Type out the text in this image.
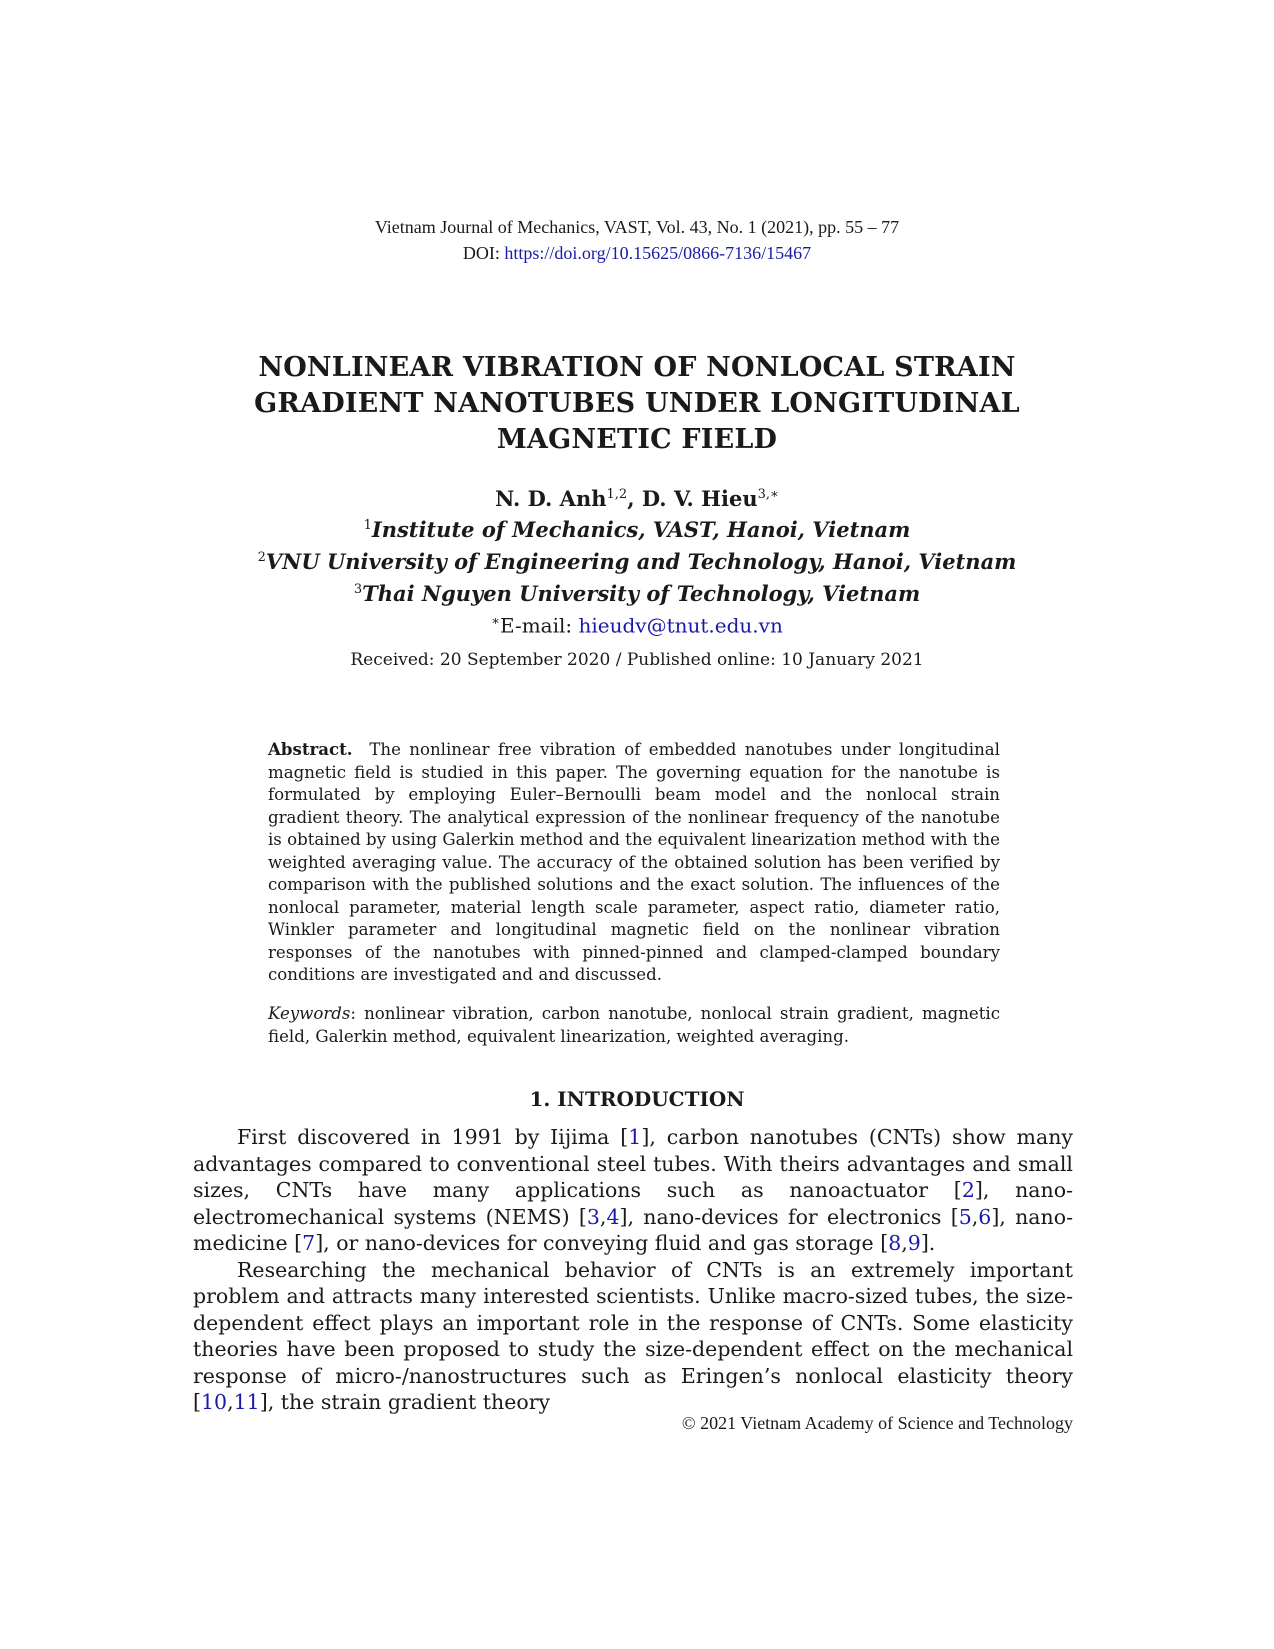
Vietnam Journal of Mechanics, VAST, Vol. 43, No. 1 (2021), pp. 55 – 77
DOI: https://doi.org/10.15625/0866-7136/15467
NONLINEAR VIBRATION OF NONLOCAL STRAIN
GRADIENT NANOTUBES UNDER LONGITUDINAL
MAGNETIC FIELD
N. D. Anh$^{1,2}$, D. V. Hieu$^{3,∗}$
$^1$Institute of Mechanics, VAST, Hanoi, Vietnam
$^2$VNU University of Engineering and Technology, Hanoi, Vietnam
$^3$Thai Nguyen University of Technology, Vietnam
∗E-mail: hieudv@tnut.edu.vn
Received: 20 September 2020 / Published online: 10 January 2021
Abstract. The nonlinear free vibration of embedded nanotubes under longitudinal magnetic field is studied in this paper. The governing equation for the nanotube is formulated by employing Euler–Bernoulli beam model and the nonlocal strain gradient theory. The analytical expression of the nonlinear frequency of the nanotube is obtained by using Galerkin method and the equivalent linearization method with the weighted averaging value. The accuracy of the obtained solution has been verified by comparison with the published solutions and the exact solution. The influences of the nonlocal parameter, material length scale parameter, aspect ratio, diameter ratio, Winkler parameter and longitudinal magnetic field on the nonlinear vibration responses of the nanotubes with pinned-pinned and clamped-clamped boundary conditions are investigated and and discussed.
Keywords: nonlinear vibration, carbon nanotube, nonlocal strain gradient, magnetic field, Galerkin method, equivalent linearization, weighted averaging.
1. INTRODUCTION

First discovered in 1991 by Iijima [1], carbon nanotubes (CNTs) show many advantages compared to conventional steel tubes. With theirs advantages and small sizes, CNTs have many applications such as nanoactuator [2], nano-electromechanical systems (NEMS) [3,4], nano-devices for electronics [5,6], nano-medicine [7], or nano-devices for conveying fluid and gas storage [8,9].

Researching the mechanical behavior of CNTs is an extremely important problem and attracts many interested scientists. Unlike macro-sized tubes, the size-dependent effect plays an important role in the response of CNTs. Some elasticity theories have been proposed to study the size-dependent effect on the mechanical response of micro-/nanostructures such as Eringen’s nonlocal elasticity theory [10,11], the strain gradient theory

© 2021 Vietnam Academy of Science and Technology
